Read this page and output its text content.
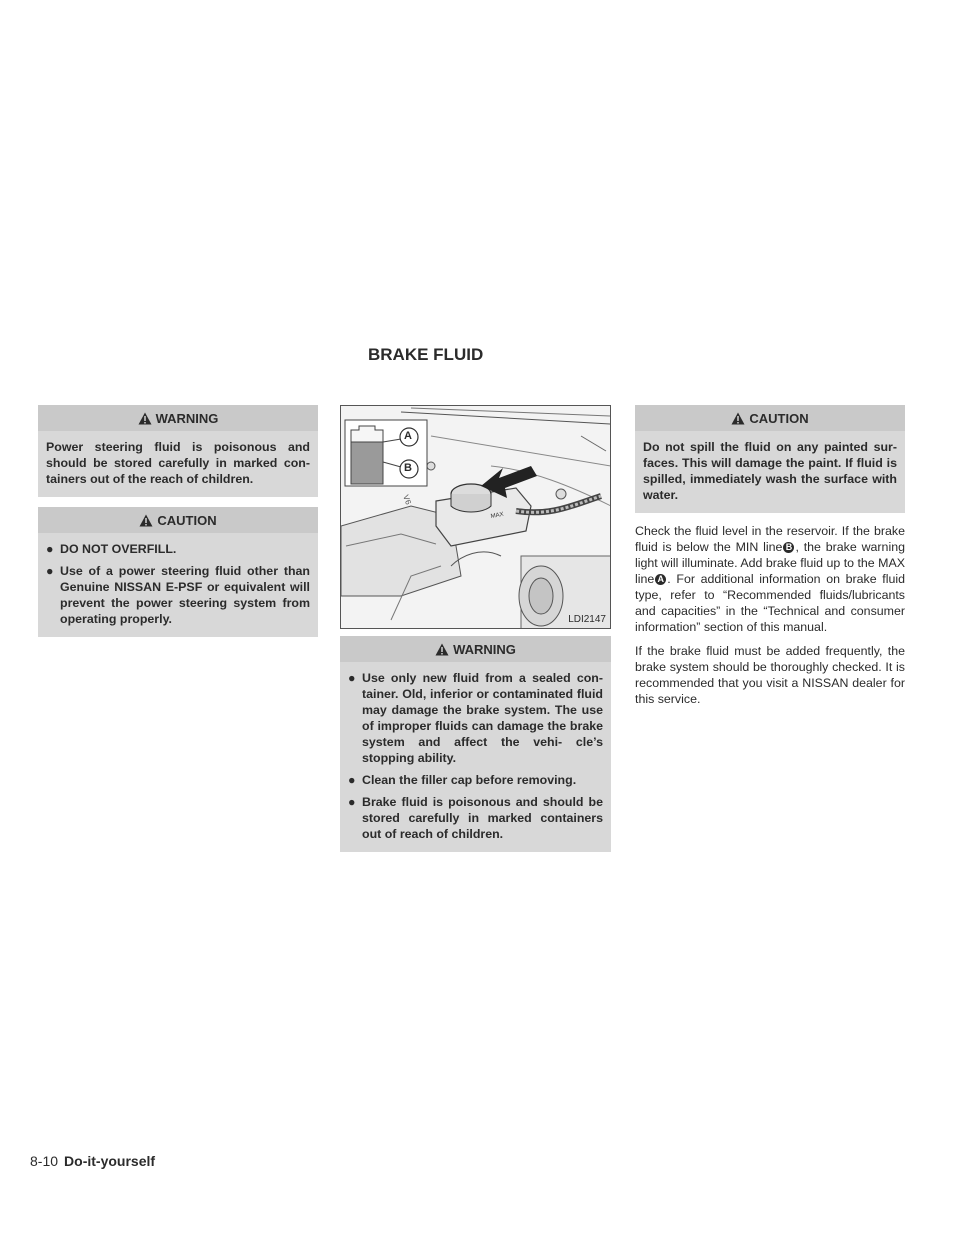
BRAKE FLUID
WARNING

Power steering fluid is poisonous and should be stored carefully in marked con- tainers out of the reach of children.

CAUTION
● DO NOT OVERFILL.
● Use of a power steering fluid other than Genuine NISSAN E-PSF or equivalent will prevent the power steering system from operating properly.
MAX
V6
A
B
LDI2147
WARNING
● Use only new fluid from a sealed con- tainer. Old, inferior or contaminated fluid may damage the brake system. The use of improper fluids can damage the brake system and affect the vehi- cle’s stopping ability.
● Clean the filler cap before removing.
● Brake fluid is poisonous and should be stored carefully in marked containers out of reach of children.
CAUTION

Do not spill the fluid on any painted sur- faces. This will damage the paint. If fluid is spilled, immediately wash the surface with water.

Check the fluid level in the reservoir. If the brake fluid is below the MIN line B , the brake warning light will illuminate. Add brake fluid up to the MAX line A . For additional information on brake fluid type, refer to “Recommended fluids/lubricants and capacities” in the “Technical and consumer information” section of this manual.

If the brake fluid must be added frequently, the brake system should be thoroughly checked. It is recommended that you visit a NISSAN dealer for this service.

8-10 Do-it-yourself
